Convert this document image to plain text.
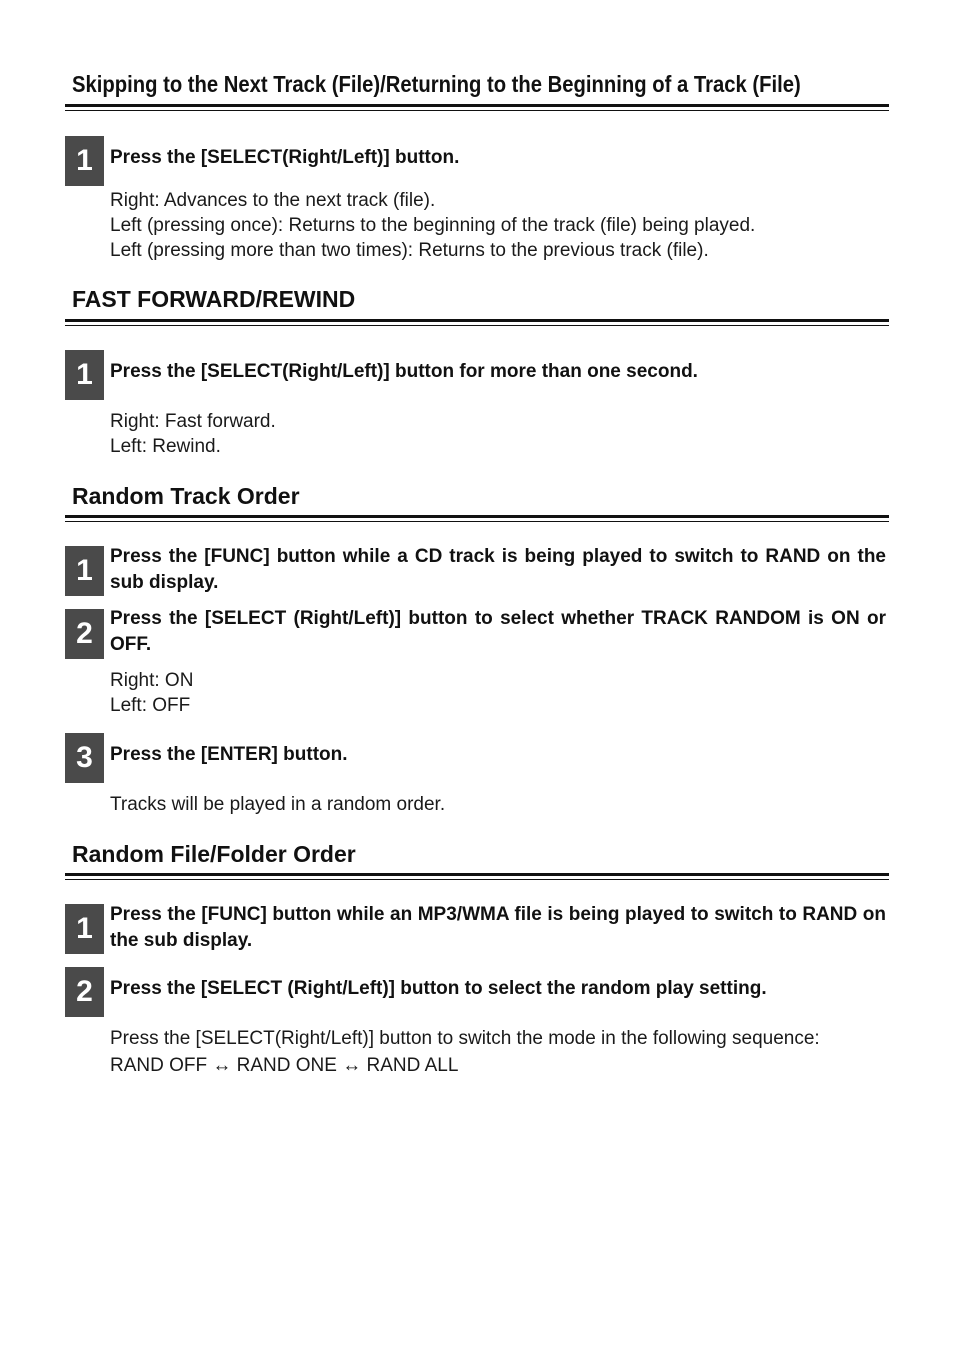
Skipping to the Next Track (File)/Returning to the Beginning of a Track (File)
1 Press the [SELECT(Right/Left)] button.
Right: Advances to the next track (file).
Left (pressing once): Returns to the beginning of the track (file) being played.
Left (pressing more than two times): Returns to the previous track (file).
FAST FORWARD/REWIND
1 Press the [SELECT(Right/Left)] button for more than one second.
Right: Fast forward.
Left: Rewind.
Random Track Order
1 Press the [FUNC] button while a CD track is being played to switch to RAND on the sub display.
2 Press the [SELECT (Right/Left)] button to select whether TRACK RANDOM is ON or OFF.
Right: ON
Left: OFF
3 Press the [ENTER] button.
Tracks will be played in a random order.
Random File/Folder Order
1 Press the [FUNC] button while an MP3/WMA file is being played to switch to RAND on the sub display.
2 Press the [SELECT (Right/Left)] button to select the random play setting.
Press the [SELECT(Right/Left)] button to switch the mode in the following sequence:
RAND OFF ↔ RAND ONE ↔ RAND ALL
